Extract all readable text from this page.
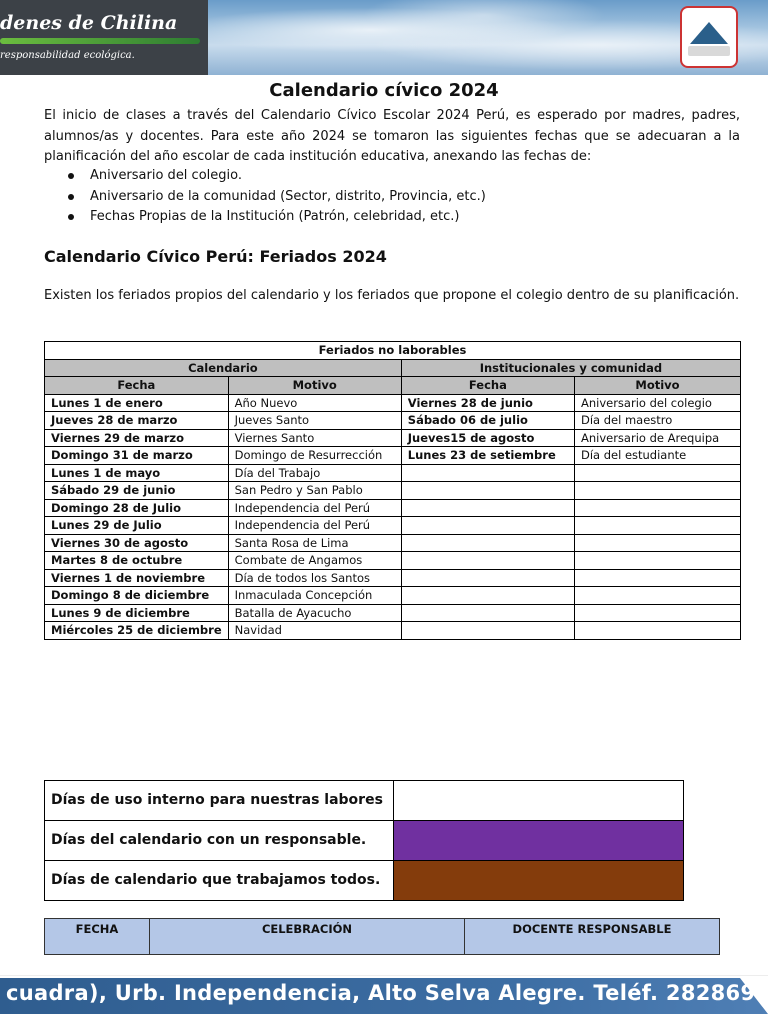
denes de Chilina
responsabilidad ecológica.
Calendario cívico 2024
El inicio de clases a través del Calendario Cívico Escolar 2024 Perú, es esperado por madres, padres, alumnos/as y docentes. Para este año 2024 se tomaron las siguientes fechas que se adecuaran a la planificación del año escolar de cada institución educativa, anexando las fechas de:
Aniversario del colegio.
Aniversario de la comunidad (Sector, distrito, Provincia, etc.)
Fechas Propias de la Institución (Patrón, celebridad, etc.)
Calendario Cívico Perú: Feriados 2024
Existen los feriados propios del calendario y los feriados que propone el colegio dentro de su planificación.
Feriados no laborables			
Calendario		Institucionales y comunidad	
Fecha	Motivo	Fecha	Motivo
Lunes 1 de enero	Año Nuevo	Viernes 28 de junio	Aniversario del colegio
Jueves 28 de marzo	Jueves Santo	Sábado 06 de julio	Día del maestro
Viernes 29 de marzo	Viernes Santo	Jueves15 de agosto	Aniversario de Arequipa
Domingo 31 de marzo	Domingo de Resurrección	Lunes 23 de setiembre	Día del estudiante
Lunes 1 de mayo	Día del Trabajo		
Sábado 29 de junio	San Pedro y San Pablo		
Domingo 28 de Julio	Independencia del Perú		
Lunes 29 de Julio	Independencia del Perú		
Viernes 30 de agosto	Santa Rosa de Lima		
Martes 8 de octubre	Combate de Angamos		
Viernes 1 de noviembre	Día de todos los Santos		
Domingo 8 de diciembre	Inmaculada Concepción		
Lunes 9 de diciembre	Batalla de Ayacucho		
Miércoles 25 de diciembre	Navidad		
Días de uso interno para nuestras labores	
Días del calendario con un responsable.	
Días de calendario que trabajamos todos.	
FECHA	CELEBRACIÓN	DOCENTE RESPONSABLE
cuadra), Urb. Independencia, Alto Selva Alegre. Teléf. 282869
